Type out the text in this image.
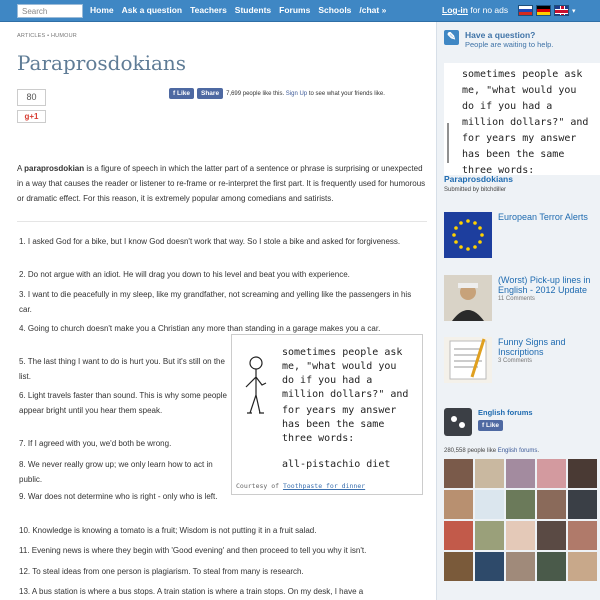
Search	Home Ask a question Teachers Students Forums Schools /chat »	Log-in for no ads	▾
ARTICLES • HUMOUR
Paraprosdokians
80
g+1
f Like	Share	7,699 people like this. Sign Up to see what your friends like.
A paraprosdokian is a figure of speech in which the latter part of a sentence or phrase is surprising or unexpected in a way that causes the reader or listener to re-frame or re-interpret the first part. It is frequently used for humorous or dramatic effect. For this reason, it is extremely popular among comedians and satirists.
1. I asked God for a bike, but I know God doesn't work that way. So I stole a bike and asked for forgiveness.
2. Do not argue with an idiot. He will drag you down to his level and beat you with experience.
3. I want to die peacefully in my sleep, like my grandfather, not screaming and yelling like the passengers in his car.
4. Going to church doesn't make you a Christian any more than standing in a garage makes you a car.
5. The last thing I want to do is hurt you. But it's still on the list.
6. Light travels faster than sound. This is why some people appear bright until you hear them speak.
7. If I agreed with you, we'd both be wrong.
8. We never really grow up; we only learn how to act in public.
9. War does not determine who is right - only who is left.
10. Knowledge is knowing a tomato is a fruit; Wisdom is not putting it in a fruit salad.
11. Evening news is where they begin with 'Good evening' and then proceed to tell you why it isn't.
12. To steal ideas from one person is plagiarism. To steal from many is research.
13. A bus station is where a bus stops. A train station is where a train stops. On my desk, I have a
sometimes people ask
me, "what would you
do if you had a
million dollars?" and
for years my answer
has been the same
three words:
all-pistachio diet
Courtesy of Toothpaste for dinner
✎	Have a question?
People are waiting to help.
sometimes people ask
me, "what would you
do if you had a
million dollars?" and
for years my answer
has been the same
three words:
Paraprosdokians
Submitted by bitchdiller
European Terror Alerts
(Worst) Pick-up lines in English - 2012 Update
11 Comments
Funny Signs and Inscriptions
3 Comments
English forums
f Like
280,558 people like English forums.
